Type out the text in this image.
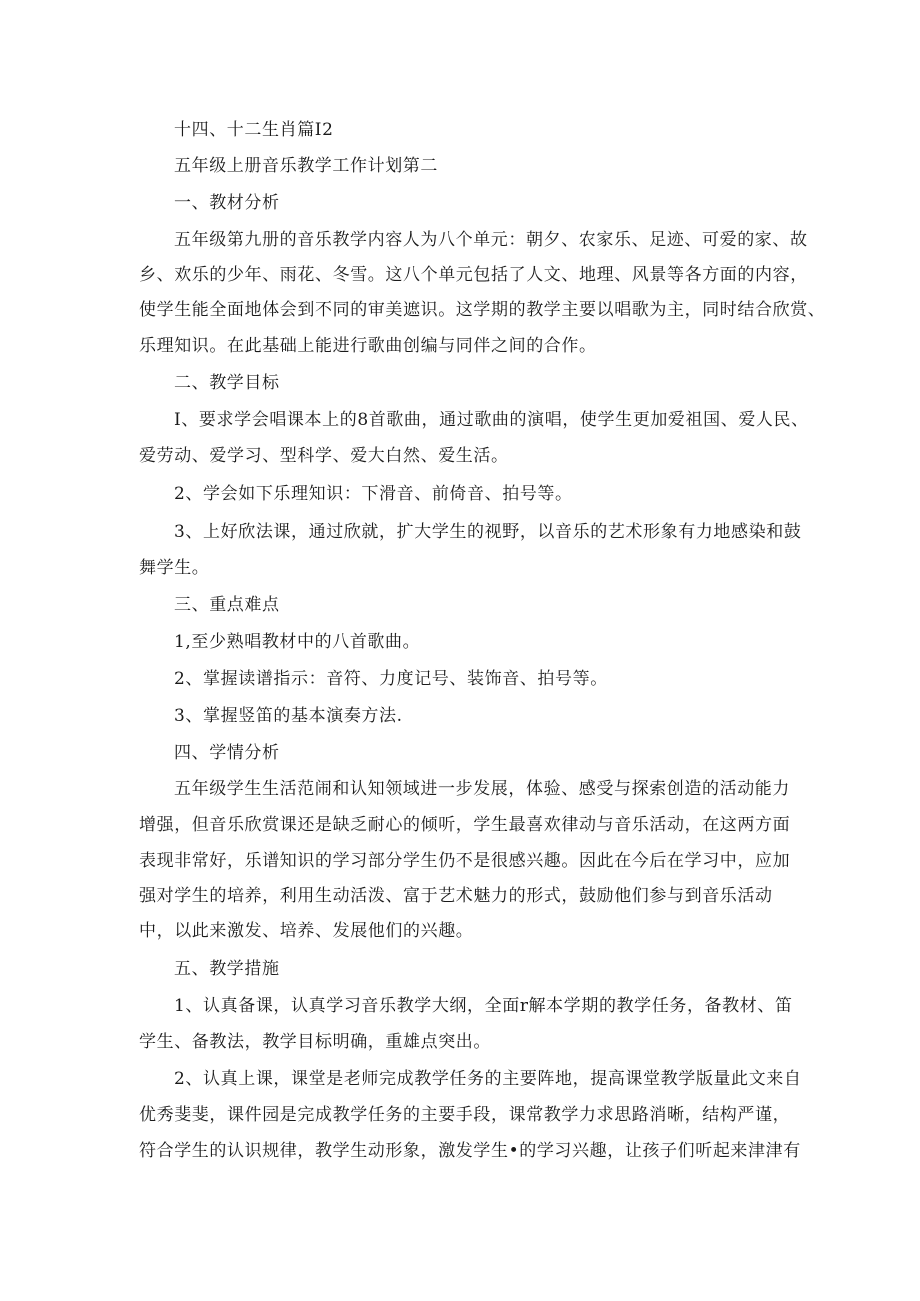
十四、十二生肖篇I2
五年级上册音乐教学工作计划第二
一、教材分析
五年级第九册的音乐教学内容人为八个单元：朝夕、农家乐、足迹、可爱的家、故
乡、欢乐的少年、雨花、冬雪。这八个单元包括了人文、地理、风景等各方面的内容，
使学生能全面地体会到不同的审美遮识。这学期的教学主要以唱歌为主，同时结合欣赏、
乐理知识。在此基础上能进行歌曲创编与同伴之间的合作。
二、教学目标
I、要求学会唱课本上的8首歌曲，通过歌曲的演唱，使学生更加爱祖国、爱人民、
爱劳动、爱学习、型科学、爱大白然、爱生活。
2、学会如下乐理知识：下滑音、前倚音、拍号等。
3、上好欣法课，通过欣就，扩大学生的视野，以音乐的艺术形象有力地感染和鼓
舞学生。
三、重点难点
1,至少熟唱教材中的八首歌曲。
2、掌握读谱指示：音符、力度记号、装饰音、拍号等。
3、掌握竖笛的基本演奏方法.
四、学情分析
五年级学生生活范闹和认知领域进一步发展，体验、感受与探索创造的活动能力
增强，但音乐欣赏课还是缺乏耐心的倾听，学生最喜欢律动与音乐活动，在这两方面
表现非常好，乐谱知识的学习部分学生仍不是很感兴趣。因此在今后在学习中，应加
强对学生的培养，利用生动活泼、富于艺术魅力的形式，鼓励他们参与到音乐活动
中，以此来激发、培养、发展他们的兴趣。
五、教学措施
1、认真备课，认真学习音乐教学大纲，全面r解本学期的教学任务，备教材、笛
学生、备教法，教学目标明确，重雄点突出。
2、认真上课，课堂是老师完成教学任务的主要阵地，提高课堂教学版量此文来自
优秀斐斐，课件园是完成教学任务的主要手段，课常教学力求思路消晰，结构严谨，
符合学生的认识规律，教学生动形象，激发学生•的学习兴趣，让孩子们听起来津津有
